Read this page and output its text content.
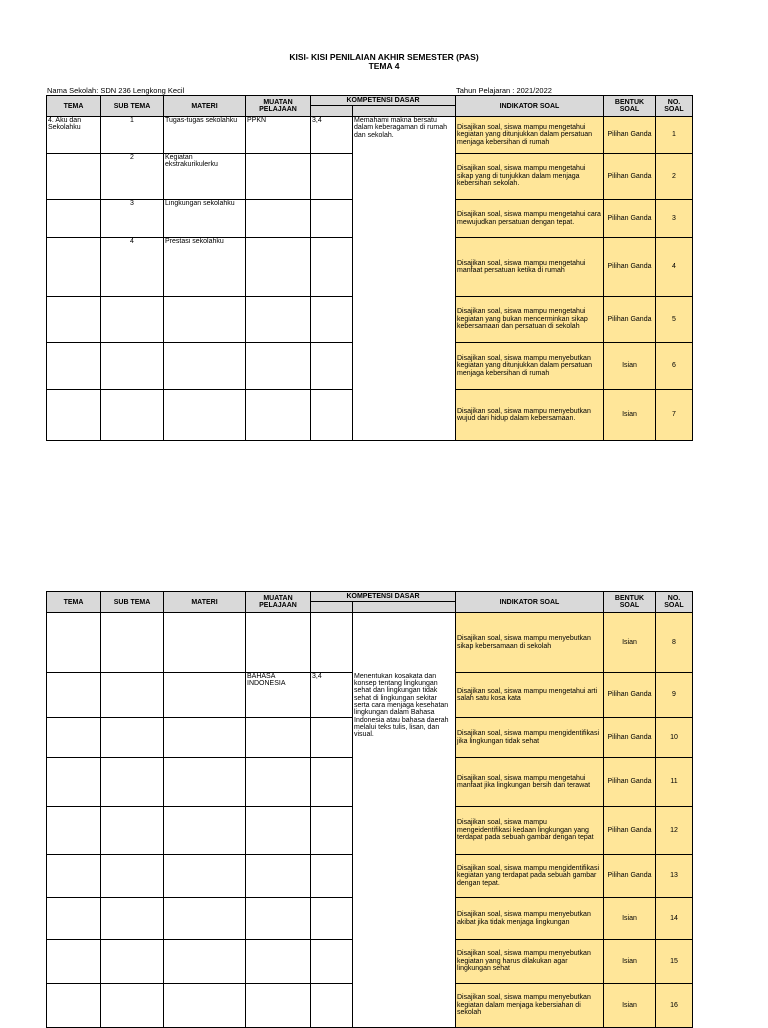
KISI- KISI PENILAIAN AKHIR SEMESTER (PAS)
TEMA 4
Nama Sekolah: SDN 236 Lengkong Kecil	Tahun Pelajaran : 2021/2022
TEMA	SUB TEMA	MATERI	MUATAN
PELAJAAN	KOMPETENSI DASAR		INDIKATOR SOAL	BENTUK
SOAL	NO.
SOAL

4. Aku dan Sekolahku	1	Tugas-tugas sekolahku	PPKN	3,4	Memahami makna bersatu dalam keberagaman di rumah dan sekolah.	Disajikan soal, siswa mampu mengetahui kegiatan yang ditunjukkan dalam persatuan menjaga kebersihan di rumah	Pilihan Ganda	1
	2	Kegiatan ekstrakurikulerku				Disajikan soal, siswa mampu mengetahui sikap yang di tunjukkan dalam menjaga kebersihan sekolah.	Pilihan Ganda	2
	3	Lingkungan sekolahku				Disajikan soal, siswa mampu mengetahui cara mewujudkan persatuan dengan tepat.	Pilihan Ganda	3
	4	Prestasi sekolahku				Disajikan soal, siswa mampu mengetahui manfaat persatuan ketika di rumah	Pilihan Ganda	4
						Disajikan soal, siswa mampu mengetahui kegiatan yang bukan mencerminkan sikap kebersamaan dan persatuan di sekolah	Pilihan Ganda	5
						Disajikan soal, siswa mampu menyebutkan kegiatan yang ditunjukkan dalam persatuan menjaga kebersihan di rumah	Isian	6
						Disajikan soal, siswa mampu menyebutkan wujud dari hidup dalam kebersamaan.	Isian	7
TEMA	SUB TEMA	MATERI	MUATAN
PELAJAAN	KOMPETENSI DASAR		INDIKATOR SOAL	BENTUK
SOAL	NO.
SOAL

						Disajikan soal, siswa mampu menyebutkan sikap kebersamaan di sekolah	Isian	8
			BAHASA INDONESIA	3,4	Menentukan kosakata dan konsep tentang lingkungan sehat dan lingkungan tidak sehat di lingkungan sekitar serta cara menjaga kesehatan lingkungan dalam Bahasa Indonesia atau bahasa daerah melalui teks tulis, lisan, dan visual.	Disajikan soal, siswa mampu mengetahui arti salah satu kosa kata	Pilihan Ganda	9
						Disajikan soal, siswa mampu mengidentifikasi jika lingkungan tidak sehat	Pilihan Ganda	10
						Disajikan soal, siswa mampu mengetahui manfaat jika lingkungan bersih dan terawat	Pilihan Ganda	11
						Disajikan soal, siswa mampu mengeidentifikasi kedaan lingkungan yang terdapat pada sebuah gambar dengan tepat	Pilihan Ganda	12
						Disajikan soal, siswa mampu mengidentifikasi kegiatan yang terdapat pada sebuah gambar dengan tepat.	Pilihan Ganda	13
						Disajikan soal, siswa mampu menyebutkan akibat jika tidak menjaga lingkungan	Isian	14
						Disajikan soal, siswa mampu menyebutkan kegiatan yang harus dilakukan agar lingkungan sehat	Isian	15
						Disajikan soal, siswa mampu menyebutkan kegiatan dalam menjaga kebersiahan di sekolah	Isian	16
